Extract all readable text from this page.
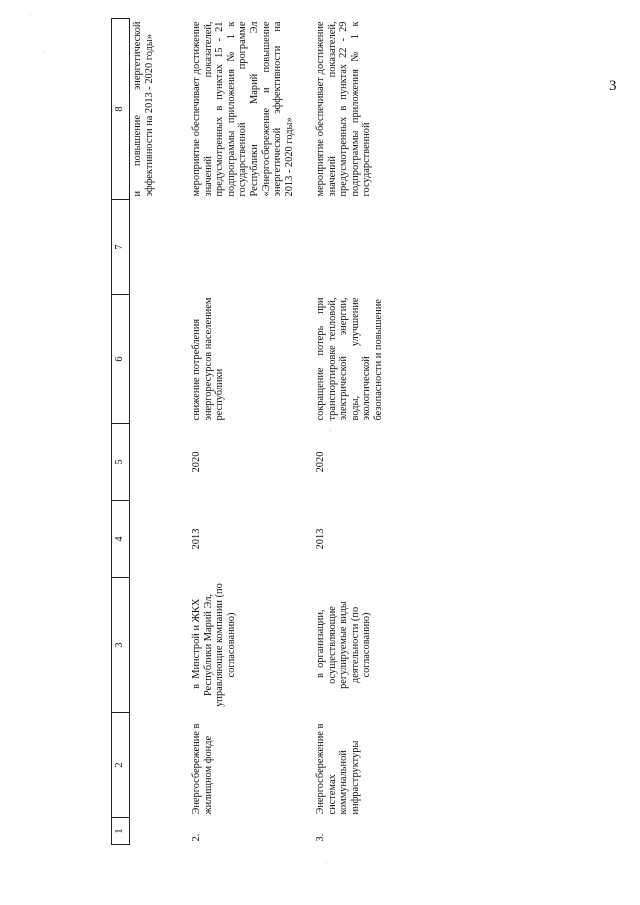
3
1	2	3	4	5	6	7	8
							и повышение энергетической эффективности на 2013 - 2020 годы»
2.	Энергосбережение в жилищном фонде	в Минстрой и ЖКХ Республики Марий Эл, управляющие компании (по согласованию)	2013	2020	снижение потребления энергоресурсов населением республики		мероприятие обеспечивает достижение значений показателей, предусмотренных в пунктах 15 - 21 подпрограммы приложения № 1 к государственной программе Республики Марий Эл «Энергосбережение и повышение энергетической эффективности на 2013 - 2020 годы»
3.	Энергосбережение в системах коммунальной инфраструктуры	в организации, осуществляющие регулируемые виды деятельности (по согласованию)	2013	2020	сокращение потерь при транспортировке тепловой, электрической энергии, воды, улучшение экологической безопасности и повышение		мероприятие обеспечивает достижение значений показателей, предусмотренных в пунктах 22 - 29 подпрограммы приложения № 1 к государственной
